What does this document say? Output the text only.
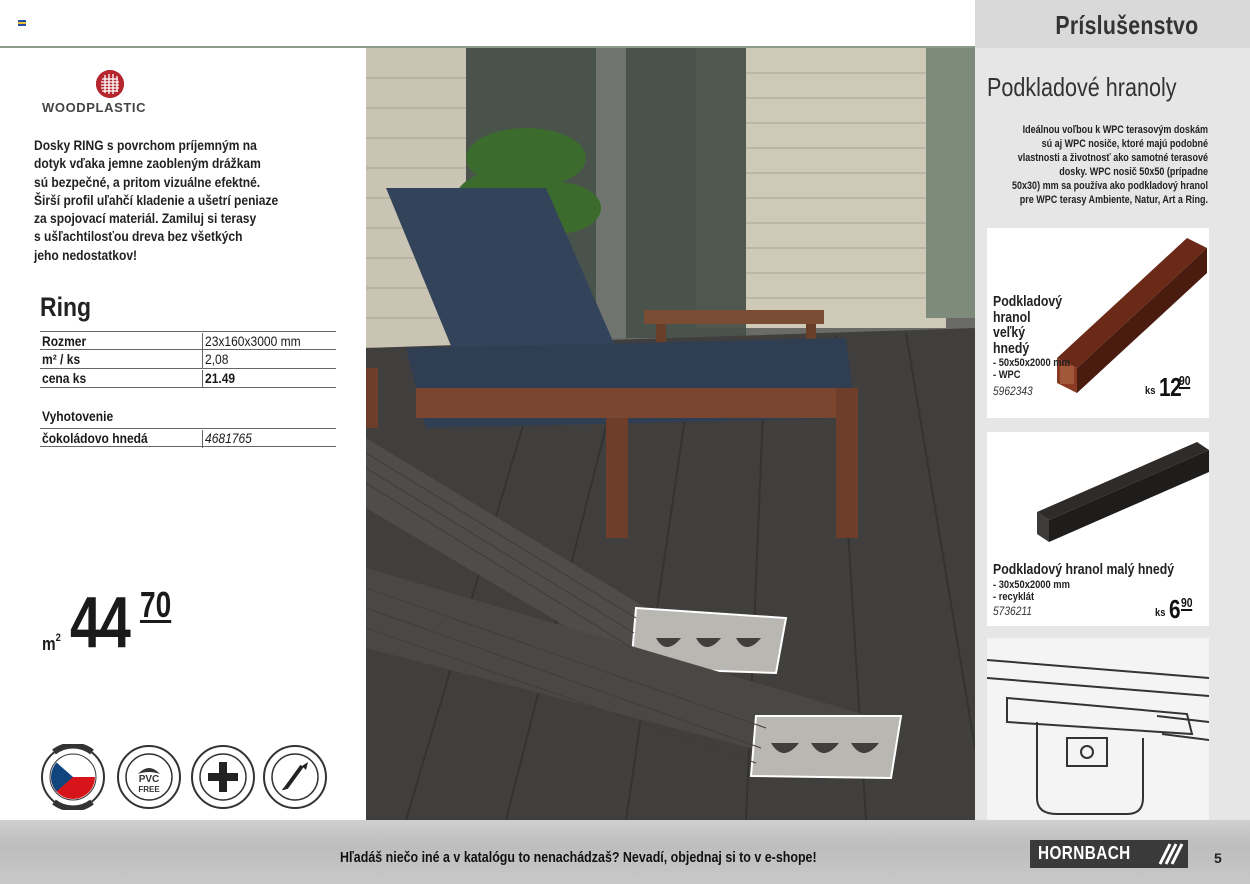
Príslušenstvo
WOODPLASTIC
Dosky RING s povrchom príjemným na
dotyk vďaka jemne zaobleným drážkam
sú bezpečné, a pritom vizuálne efektné.
Širší profil uľahčí kladenie a ušetrí peniaze
za spojovací materiál. Zamiluj si terasy
s ušľachtilosťou dreva bez všetkých
jeho nedostatkov!
Ring
Rozmer	23x160x3000 mm
m² / ks	2,08
cena ks	21.49
Vyhotovenie
čokoládovo hnedá	4681765
$m^2$ 44 70
PVC
FREE
Podkladové hranoly
Ideálnou voľbou k WPC terasovým doskám
sú aj WPC nosiče, ktoré majú podobné
vlastnosti a životnosť ako samotné terasové
dosky. WPC nosič 50x50 (prípadne
50x30) mm sa používa ako podkladový hranol
pre WPC terasy Ambiente, Natur, Art a Ring.
Podkladový
hranol
veľký
hnedý
- 50x50x2000 mm
- WPC
5962343	ks 12
90
Podkladový hranol malý hnedý
- 30x50x2000 mm
- recyklát
5736211	ks 6 90
Hľadáš niečo iné a v katalógu to nenachádzaš? Nevadí, objednaj si to v e-shope!	HORNBACH	5
